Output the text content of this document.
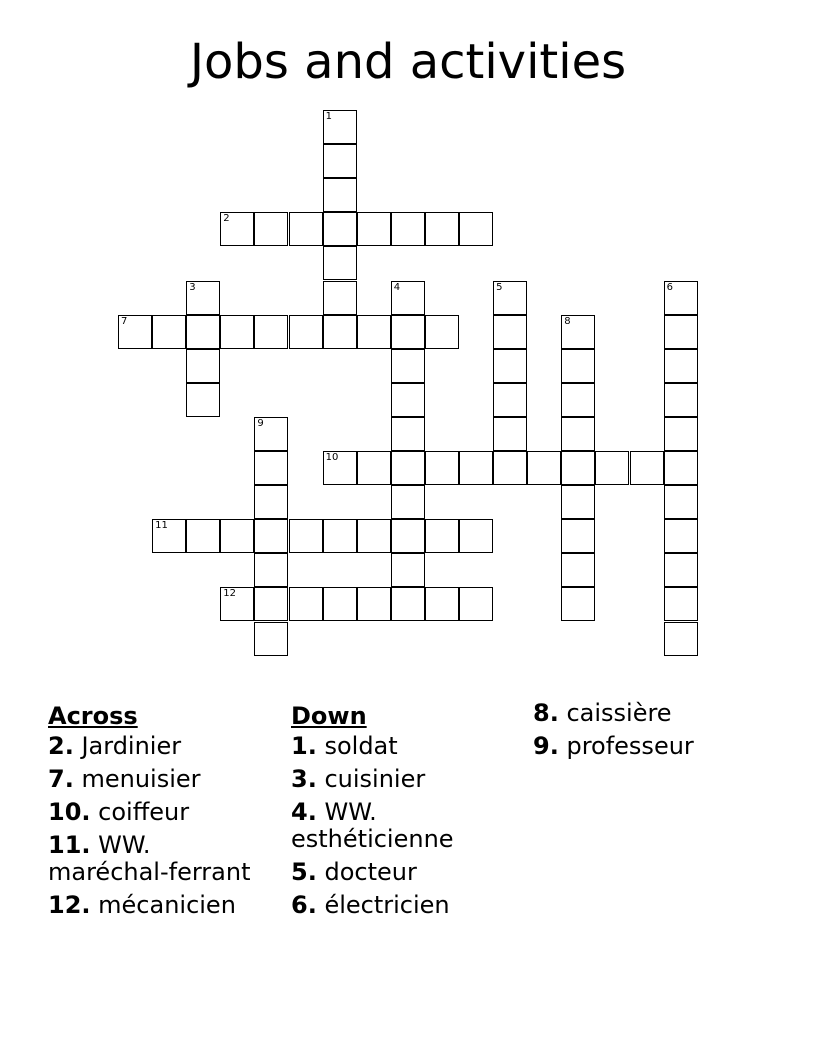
Jobs and activities
1
2
3	4	5	6
7	8
9
10
11
12
Across
2. Jardinier
7. menuisier
10. coiffeur
11. WW. maréchal-ferrant
12. mécanicien
Down
1. soldat
3. cuisinier
4. WW. esthéticienne
5. docteur
6. électricien
8. caissière
9. professeur
